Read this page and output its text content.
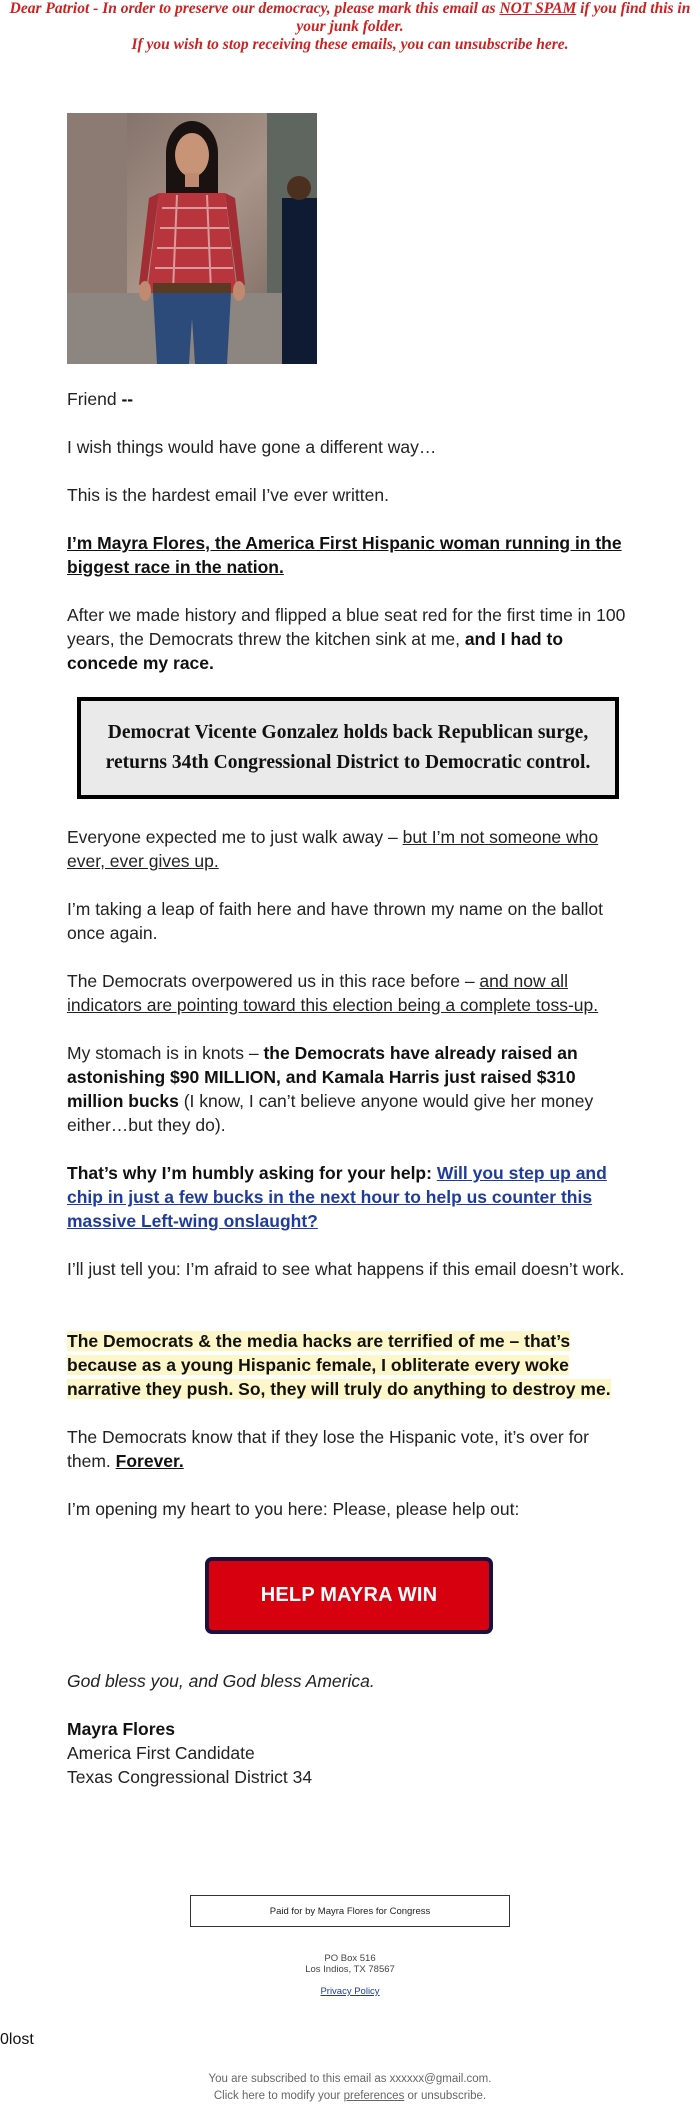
Dear Patriot - In order to preserve our democracy, please mark this email as NOT SPAM if you find this in your junk folder.
If you wish to stop receiving these emails, you can unsubscribe here.

Friend --

I wish things would have gone a different way…

This is the hardest email I’ve ever written.

I’m Mayra Flores, the America First Hispanic woman running in the biggest race in the nation.

After we made history and flipped a blue seat red for the first time in 100 years, the Democrats threw the kitchen sink at me, and I had to concede my race.

Democrat Vicente Gonzalez holds back Republican surge,
returns 34th Congressional District to Democratic control.

Everyone expected me to just walk away – but I’m not someone who ever, ever gives up.

I’m taking a leap of faith here and have thrown my name on the ballot once again.

The Democrats overpowered us in this race before – and now all indicators are pointing toward this election being a complete toss-up.

My stomach is in knots – the Democrats have already raised an astonishing $90 MILLION, and Kamala Harris just raised $310 million bucks (I know, I can’t believe anyone would give her money either…but they do).

That’s why I’m humbly asking for your help: Will you step up and chip in just a few bucks in the next hour to help us counter this massive Left-wing onslaught?

I’ll just tell you: I’m afraid to see what happens if this email doesn’t work.

The Democrats & the media hacks are terrified of me – that’s because as a young Hispanic female, I obliterate every woke narrative they push. So, they will truly do anything to destroy me.

The Democrats know that if they lose the Hispanic vote, it’s over for them. Forever.

I’m opening my heart to you here: Please, please help out:

God bless you, and God bless America.

Mayra Flores
America First Candidate
Texas Congressional District 34

HELP MAYRA WIN
Paid for by Mayra Flores for Congress
PO Box 516
Los Indios, TX 78567
Privacy Policy
0lost
You are subscribed to this email as xxxxxx@gmail.com.
Click here to modify your preferences or unsubscribe.
